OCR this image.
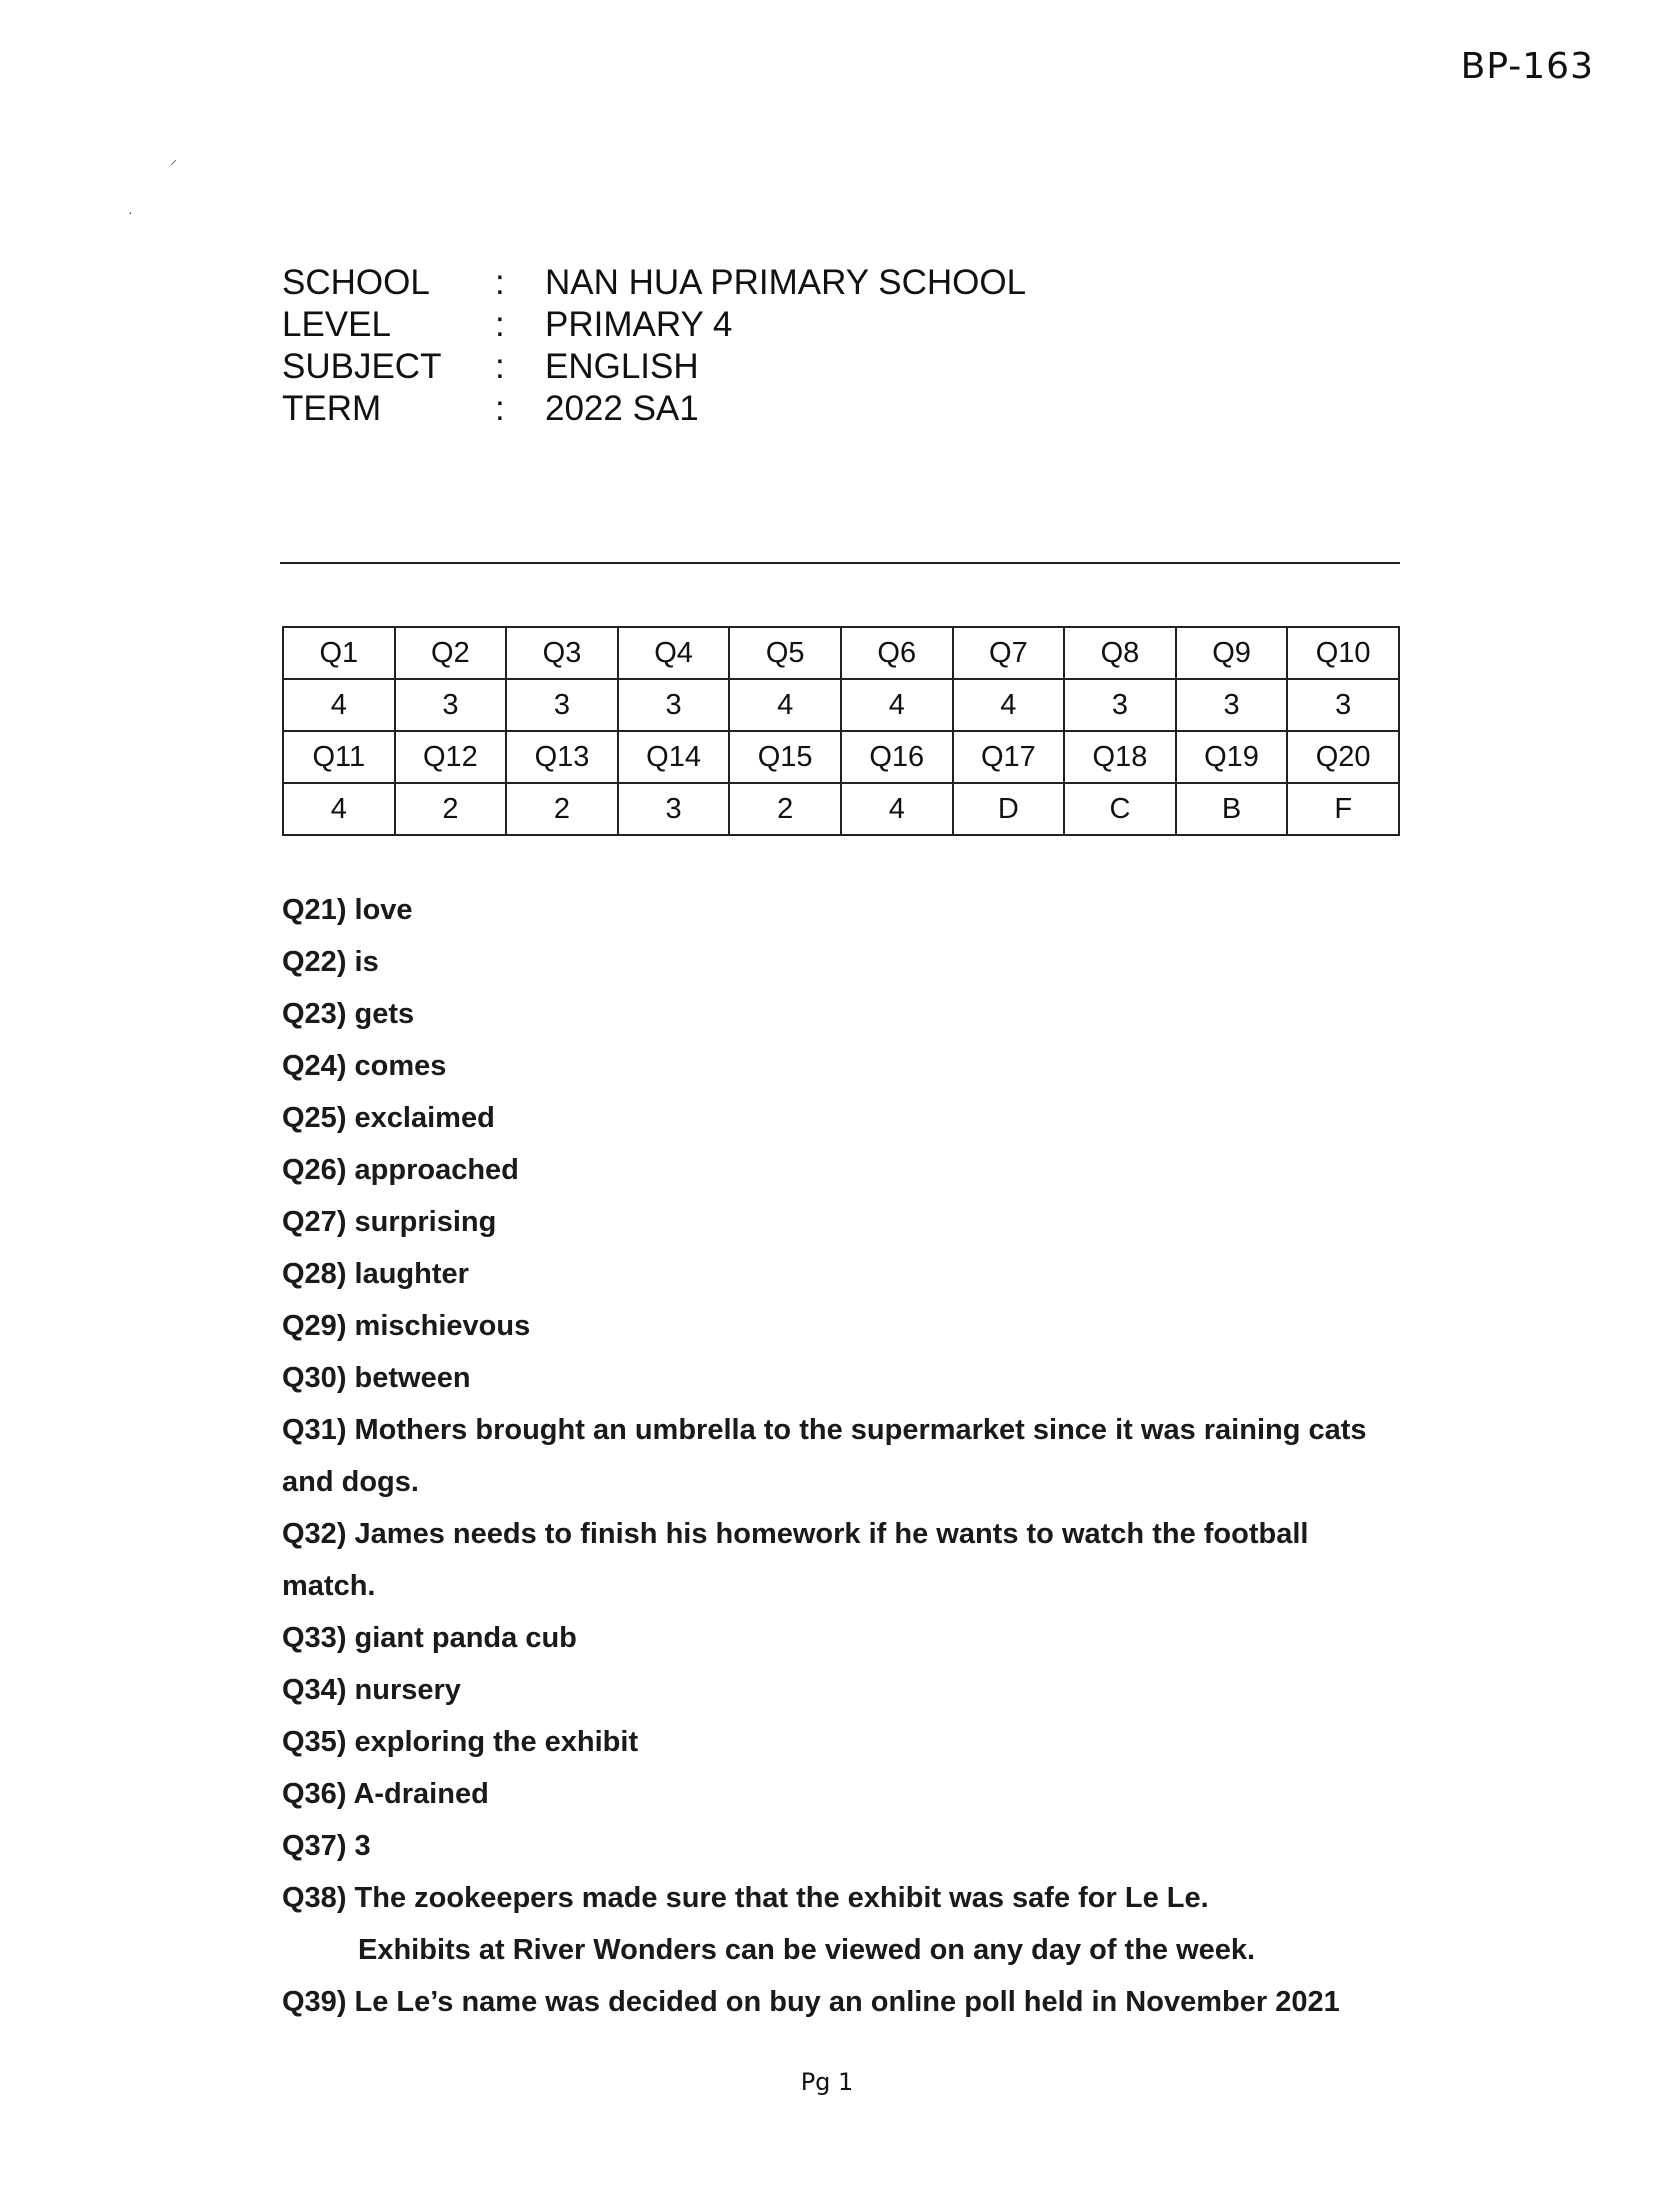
BP-163
⸝
·
SCHOOL	:	NAN HUA PRIMARY SCHOOL
LEVEL	:	PRIMARY 4
SUBJECT	:	ENGLISH
TERM	:	2022 SA1
Q1	Q2	Q3	Q4	Q5	Q6	Q7	Q8	Q9	Q10
4	3	3	3	4	4	4	3	3	3
Q11	Q12	Q13	Q14	Q15	Q16	Q17	Q18	Q19	Q20
4	2	2	3	2	4	D	C	B	F
Q21) love
Q22) is
Q23) gets
Q24) comes
Q25) exclaimed
Q26) approached
Q27) surprising
Q28) laughter
Q29) mischievous
Q30) between
Q31) Mothers brought an umbrella to the supermarket since it was raining cats
and dogs.
Q32) James needs to finish his homework if he wants to watch the football
match.
Q33) giant panda cub
Q34) nursery
Q35) exploring the exhibit
Q36) A-drained
Q37) 3
Q38) The zookeepers made sure that the exhibit was safe for Le Le.
Exhibits at River Wonders can be viewed on any day of the week.
Q39) Le Le’s name was decided on buy an online poll held in November 2021
Pg 1
